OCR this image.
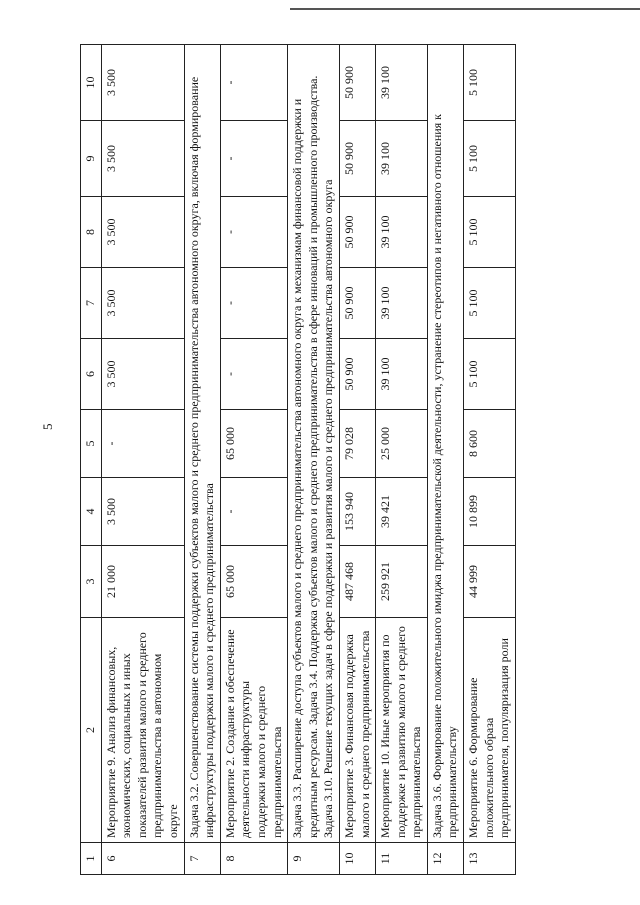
5
1	2	3	4	5	6	7	8	9	10
6	Мероприятие 9. Анализ финансовых, экономических, социальных и иных показателей развития малого и среднего предпринимательства в автономном округе	21 000	3 500	-	3 500	3 500	3 500	3 500	3 500
7	Задача 3.2. Совершенствование системы поддержки субъектов малого и среднего предпринимательства автономного округа, включая формирование инфраструктуры поддержки малого и среднего предпринимательства								
8	Мероприятие 2. Создание и обеспечение деятельности инфраструктуры поддержки малого и среднего предпринимательства	65 000	-	65 000	-	-	-	-	-
9	Задача 3.3. Расширение доступа субъектов малого и среднего предпринимательства автономного округа к механизмам финансовой поддержки и кредитным ресурсам. Задача 3.4. Поддержка субъектов малого и среднего предпринимательства в сфере инноваций и промышленного производства. Задача 3.10. Решение текущих задач в сфере поддержки и развития малого и среднего предпринимательства автономного округа								
10	Мероприятие 3. Финансовая поддержка малого и среднего предпринимательства	487 468	153 940	79 028	50 900	50 900	50 900	50 900	50 900
11	Мероприятие 10. Иные мероприятия по поддержке и развитию малого и среднего предпринимательства	259 921	39 421	25 000	39 100	39 100	39 100	39 100	39 100
12	Задача 3.6. Формирование положительного имиджа предпринимательской деятельности, устранение стереотипов и негативного отношения к предпринимательству								
13	Мероприятие 6. Формирование положительного образа предпринимателя, популяризация роли	44 999	10 899	8 600	5 100	5 100	5 100	5 100	5 100
